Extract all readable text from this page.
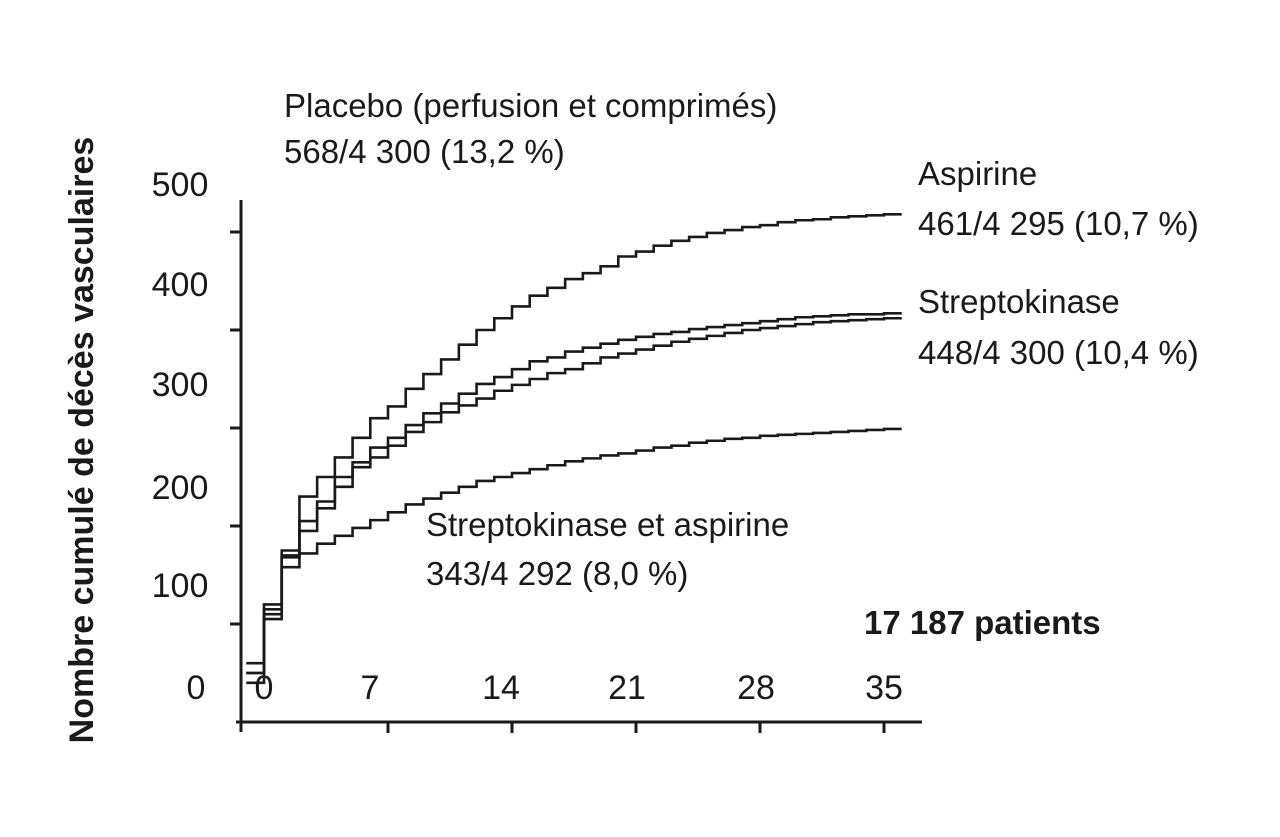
Nombre cumulé de décès vasculaires	0
100
200
300
400
500
0	7	14	21	28	35
Placebo (perfusion et comprimés)
568/4 300 (13,2 %)
Aspirine
461/4 295 (10,7 %)
Streptokinase
448/4 300 (10,4 %)
Streptokinase et aspirine
343/4 292 (8,0 %)
17 187 patients
